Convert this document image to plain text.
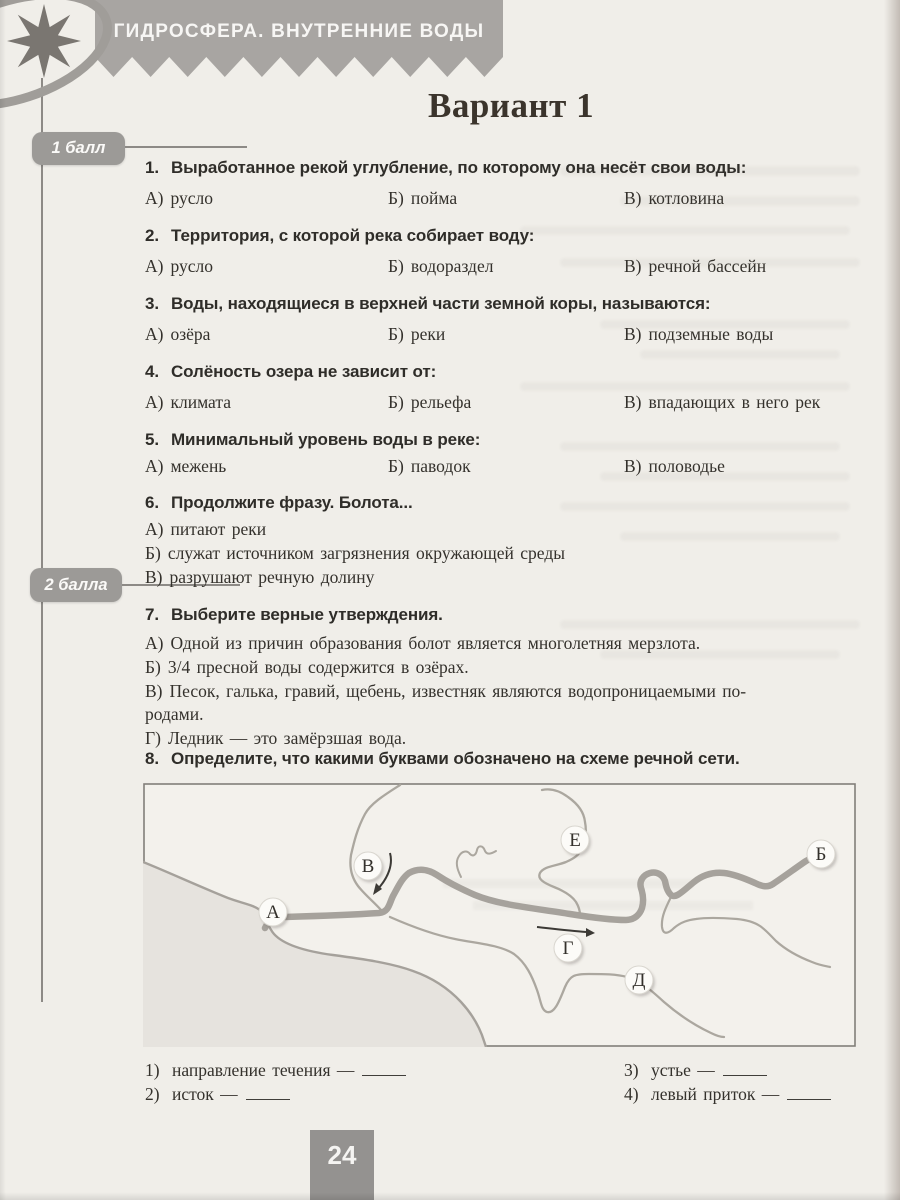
ГИДРОСФЕРА. ВНУТРЕННИЕ ВОДЫ
Вариант 1
1 балл
2 балла
1. Выработанное рекой углубление, по которому она несёт свои воды:
А) русло	Б) пойма	В) котловина
2. Территория, с которой река собирает воду:
А) русло	Б) водораздел	В) речной бассейн
3. Воды, находящиеся в верхней части земной коры, называются:
А) озёра	Б) реки	В) подземные воды
4. Солёность озера не зависит от:
А) климата	Б) рельефа	В) впадающих в него рек
5. Минимальный уровень воды в реке:
А) межень	Б) паводок	В) половодье
6. Продолжите фразу. Болота...
А) питают реки
Б) служат источником загрязнения окружающей среды
В) разрушают речную долину
7. Выберите верные утверждения.
А) Одной из причин образования болот является многолетняя мерзлота.
Б) 3/4 пресной воды содержится в озёрах.
В) Песок, галька, гравий, щебень, известняк являются водопроницаемыми по-
родами.
Г) Ледник — это замёрзшая вода.
8. Определите, что какими буквами обозначено на схеме речной сети.
А
Б
В
Г
Д
Е
1) направление течения —
2) исток —
3) устье —
4) левый приток —
24
